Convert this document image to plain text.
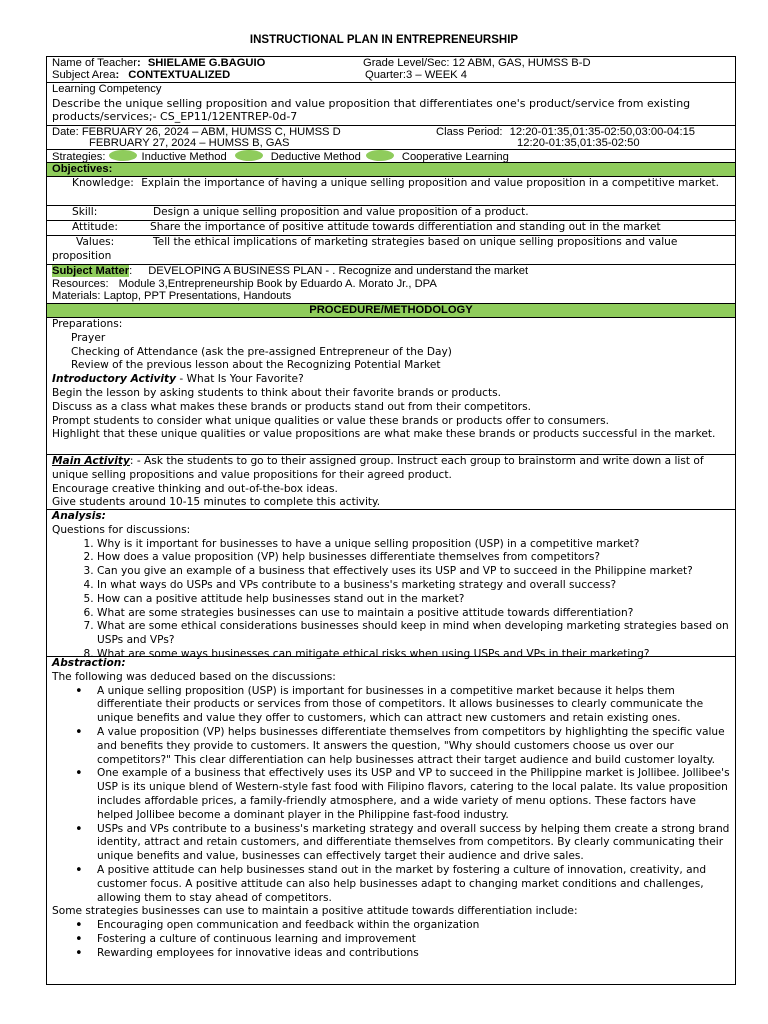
INSTRUCTIONAL PLAN IN ENTREPRENEURSHIP
Name of Teacher: SHIELAME G.BAGUIO	Grade Level/Sec: 12 ABM, GAS, HUMSS B-D
Subject Area: CONTEXTUALIZED	Quarter:3 – WEEK 4
Learning Competency
Describe the unique selling proposition and value proposition that differentiates one's product/service from existing products/services;- CS_EP11/12ENTREP-0d-7
Date: FEBRUARY 26, 2024 – ABM, HUMSS C, HUMSS D	Class Period: 12:20-01:35,01:35-02:50,03:00-04:15
FEBRUARY 27, 2024 – HUMSS B, GAS	12:20-01:35,01:35-02:50
Strategies:	Inductive Method	Deductive Method	Cooperative Learning
Objectives:
Knowledge: Explain the importance of having a unique selling proposition and value proposition in a competitive market.
Skill:	Design a unique selling proposition and value proposition of a product.
Attitude:	Share the importance of positive attitude towards differentiation and standing out in the market
Values:	Tell the ethical implications of marketing strategies based on unique selling propositions and value proposition
Subject Matter: DEVELOPING A BUSINESS PLAN - . Recognize and understand the market
Resources: Module 3,Entrepreneurship Book by Eduardo A. Morato Jr., DPA
Materials: Laptop, PPT Presentations, Handouts
PROCEDURE/METHODOLOGY
Preparations:
Prayer
Checking of Attendance (ask the pre-assigned Entrepreneur of the Day)
Review of the previous lesson about the Recognizing Potential Market
Introductory Activity - What Is Your Favorite?
Begin the lesson by asking students to think about their favorite brands or products.
Discuss as a class what makes these brands or products stand out from their competitors.
Prompt students to consider what unique qualities or value these brands or products offer to consumers.
Highlight that these unique qualities or value propositions are what make these brands or products successful in the market.
Main Activity: - Ask the students to go to their assigned group. Instruct each group to brainstorm and write down a list of unique selling propositions and value propositions for their agreed product.
Encourage creative thinking and out-of-the-box ideas.
Give students around 10-15 minutes to complete this activity.
Analysis:
Questions for discussions:
1. Why is it important for businesses to have a unique selling proposition (USP) in a competitive market?
2. How does a value proposition (VP) help businesses differentiate themselves from competitors?
3. Can you give an example of a business that effectively uses its USP and VP to succeed in the Philippine market?
4. In what ways do USPs and VPs contribute to a business's marketing strategy and overall success?
5. How can a positive attitude help businesses stand out in the market?
6. What are some strategies businesses can use to maintain a positive attitude towards differentiation?
7. What are some ethical considerations businesses should keep in mind when developing marketing strategies based on USPs and VPs?
8. What are some ways businesses can mitigate ethical risks when using USPs and VPs in their marketing?
Abstraction:
The following was deduced based on the discussions:
• A unique selling proposition (USP) is important for businesses in a competitive market because it helps them differentiate their products or services from those of competitors. It allows businesses to clearly communicate the unique benefits and value they offer to customers, which can attract new customers and retain existing ones.
• A value proposition (VP) helps businesses differentiate themselves from competitors by highlighting the specific value and benefits they provide to customers. It answers the question, "Why should customers choose us over our competitors?" This clear differentiation can help businesses attract their target audience and build customer loyalty.
• One example of a business that effectively uses its USP and VP to succeed in the Philippine market is Jollibee. Jollibee's USP is its unique blend of Western-style fast food with Filipino flavors, catering to the local palate. Its value proposition includes affordable prices, a family-friendly atmosphere, and a wide variety of menu options. These factors have helped Jollibee become a dominant player in the Philippine fast-food industry.
• USPs and VPs contribute to a business's marketing strategy and overall success by helping them create a strong brand identity, attract and retain customers, and differentiate themselves from competitors. By clearly communicating their unique benefits and value, businesses can effectively target their audience and drive sales.
• A positive attitude can help businesses stand out in the market by fostering a culture of innovation, creativity, and customer focus. A positive attitude can also help businesses adapt to changing market conditions and challenges, allowing them to stay ahead of competitors.
Some strategies businesses can use to maintain a positive attitude towards differentiation include:
• Encouraging open communication and feedback within the organization
• Fostering a culture of continuous learning and improvement
• Rewarding employees for innovative ideas and contributions
